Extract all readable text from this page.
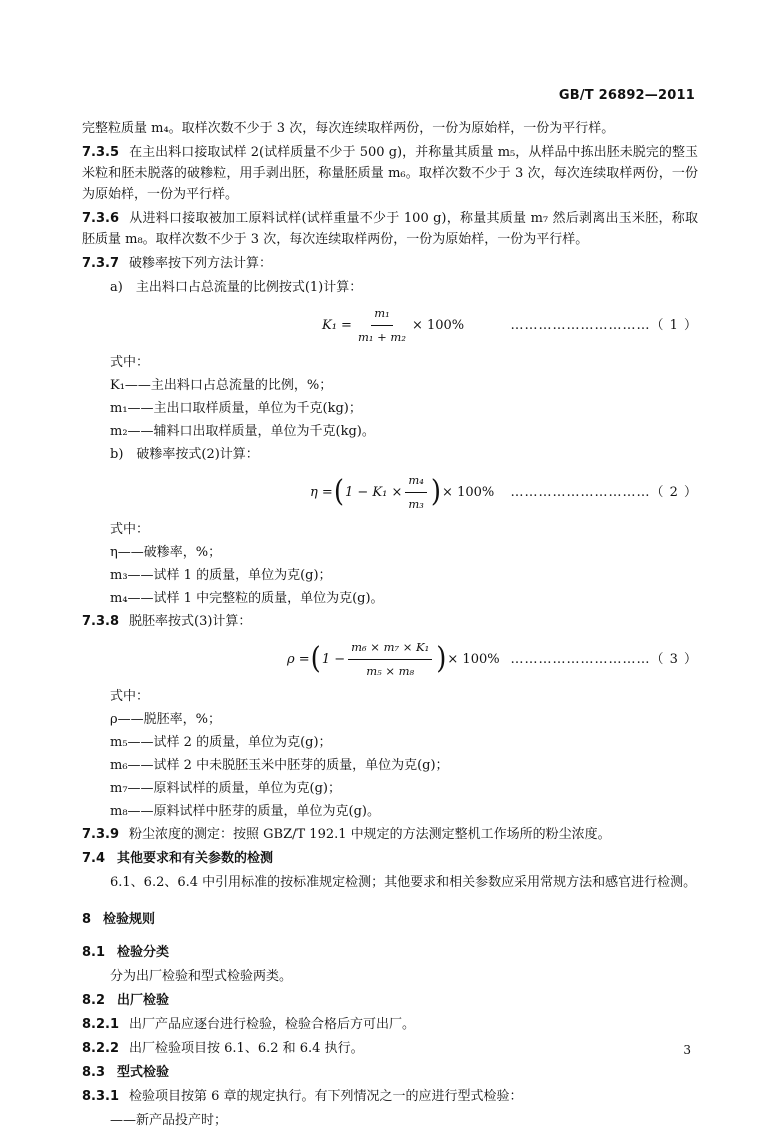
GB/T 26892—2011

完整粒质量 m₄。取样次数不少于 3 次，每次连续取样两份，一份为原始样，一份为平行样。

7.3.5 在主出料口接取试样 2(试样质量不少于 500 g)，并称量其质量 m₅，从样品中拣出胚未脱完的整玉米粒和胚未脱落的破糁粒，用手剥出胚，称量胚质量 m₆。取样次数不少于 3 次，每次连续取样两份，一份为原始样，一份为平行样。

7.3.6 从进料口接取被加工原料试样(试样重量不少于 100 g)，称量其质量 m₇ 然后剥离出玉米胚，称取胚质量 m₈。取样次数不少于 3 次，每次连续取样两份，一份为原始样，一份为平行样。

7.3.7 破糁率按下列方法计算：

a)　主出料口占总流量的比例按式(1)计算：

$K_1 = \frac{\text{m₁}}{\text{m₁ + m₂}} \times 100\%$	…………………………（ 1 ）

式中：

K₁——主出料口占总流量的比例，%；

m₁——主出口取样质量，单位为千克(kg)；

m₂——辅料口出取样质量，单位为千克(kg)。

b)　破糁率按式(2)计算：

η = ( $1 - K_1 \times \frac{\text{m₄}}{\text{m₃}}$ ) × 100% …………………………（ 2 ）

式中：

η——破糁率，%；

m₃——试样 1 的质量，单位为克(g)；

m₄——试样 1 中完整粒的质量，单位为克(g)。

7.3.8 脱胚率按式(3)计算：

ρ = ( $1 - \frac{\text{m₆ × m₇ × K₁}}{\text{m₅ × m₈}}$ ) × 100% …………………………（ 3 ）

式中：

ρ——脱胚率，%；

m₅——试样 2 的质量，单位为克(g)；

m₆——试样 2 中未脱胚玉米中胚芽的质量，单位为克(g)；

m₇——原料试样的质量，单位为克(g)；

m₈——原料试样中胚芽的质量，单位为克(g)。

7.3.9 粉尘浓度的测定：按照 GBZ/T 192.1 中规定的方法测定整机工作场所的粉尘浓度。

7.4 其他要求和有关参数的检测

6.1、6.2、6.4 中引用标准的按标准规定检测；其他要求和相关参数应采用常规方法和感官进行检测。

8 检验规则

8.1 检验分类

分为出厂检验和型式检验两类。

8.2 出厂检验

8.2.1 出厂产品应逐台进行检验，检验合格后方可出厂。

8.2.2 出厂检验项目按 6.1、6.2 和 6.4 执行。

8.3 型式检验

8.3.1 检验项目按第 6 章的规定执行。有下列情况之一的应进行型式检验：

——新产品投产时；

3
